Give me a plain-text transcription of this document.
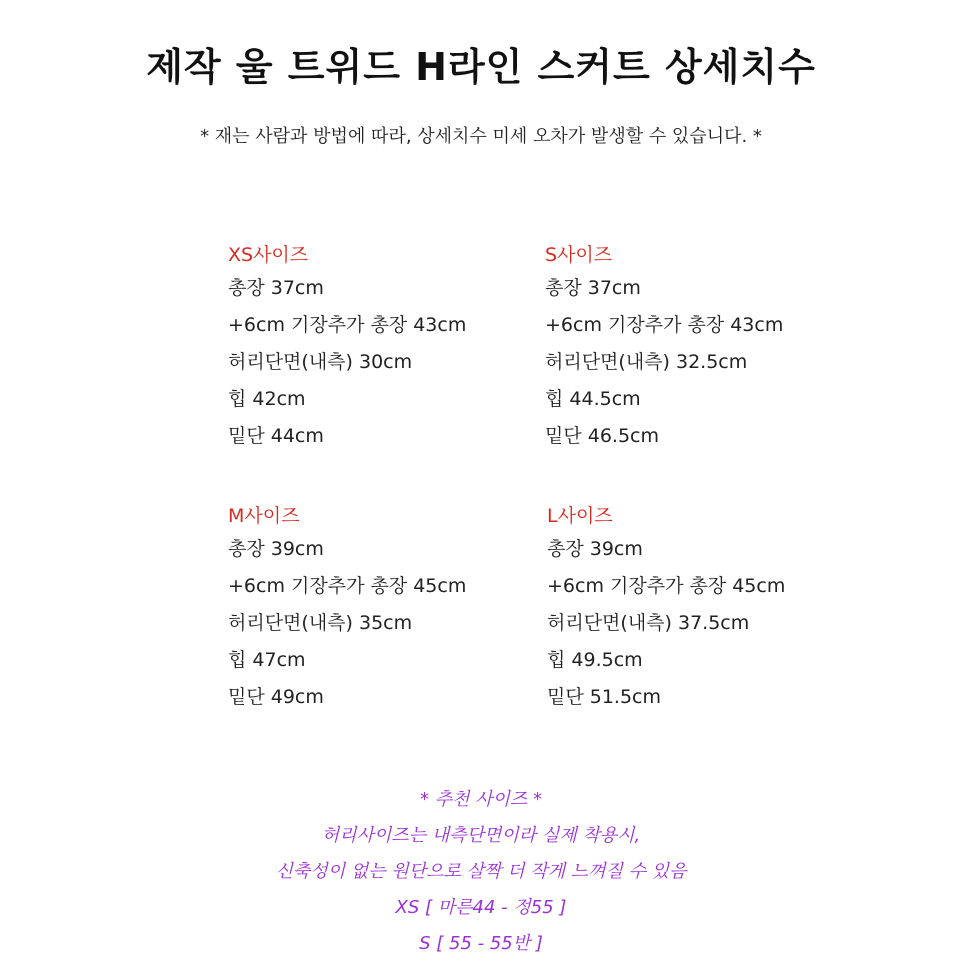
제작 울 트위드 H라인 스커트 상세치수
* 재는 사람과 방법에 따라, 상세치수 미세 오차가 발생할 수 있습니다. *
XS사이즈
총장 37cm
+6cm 기장추가 총장 43cm
허리단면(내측) 30cm
힙 42cm
밑단 44cm
S사이즈
총장 37cm
+6cm 기장추가 총장 43cm
허리단면(내측) 32.5cm
힙 44.5cm
밑단 46.5cm
M사이즈
총장 39cm
+6cm 기장추가 총장 45cm
허리단면(내측) 35cm
힙 47cm
밑단 49cm
L사이즈
총장 39cm
+6cm 기장추가 총장 45cm
허리단면(내측) 37.5cm
힙 49.5cm
밑단 51.5cm
* 추천 사이즈 *
허리사이즈는 내측단면이라 실제 착용시,
신축성이 없는 원단으로 살짝 더 작게 느껴질 수 있음
XS [ 마른44 - 정55 ]
S [ 55 - 55반 ]
